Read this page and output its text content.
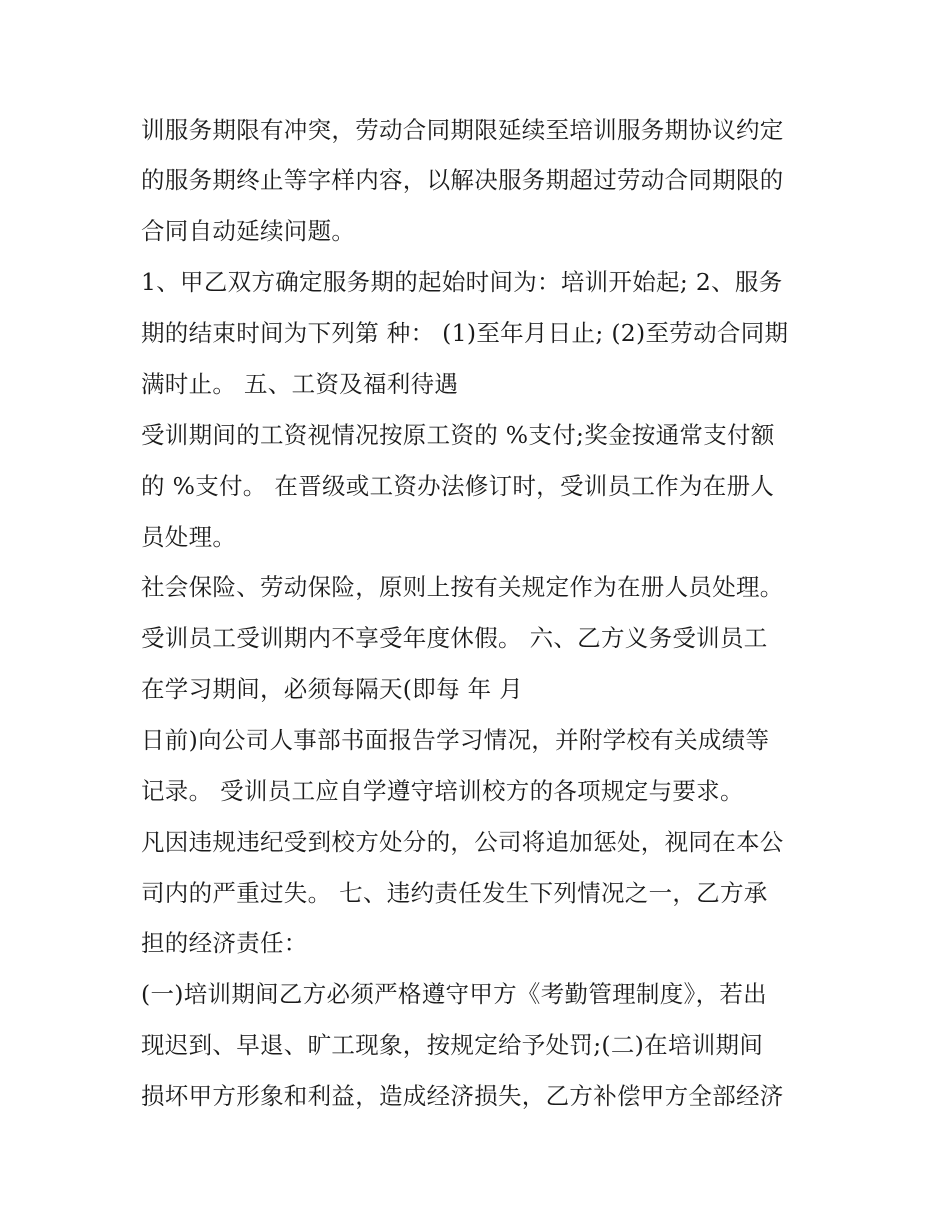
训服务期限有冲突，劳动合同期限延续至培训服务期协议约定
的服务期终止等字样内容，以解决服务期超过劳动合同期限的
合同自动延续问题。
1、甲乙双方确定服务期的起始时间为：培训开始起; 2、服务
期的结束时间为下列第 种： (1)至年月日止; (2)至劳动合同期
满时止。 五、工资及福利待遇
受训期间的工资视情况按原工资的 %支付;奖金按通常支付额
的 %支付。 在晋级或工资办法修订时，受训员工作为在册人
员处理。
社会保险、劳动保险，原则上按有关规定作为在册人员处理。
受训员工受训期内不享受年度休假。 六、乙方义务受训员工
在学习期间，必须每隔天(即每 年 月
日前)向公司人事部书面报告学习情况，并附学校有关成绩等
记录。 受训员工应自学遵守培训校方的各项规定与要求。
凡因违规违纪受到校方处分的，公司将追加惩处，视同在本公
司内的严重过失。 七、违约责任发生下列情况之一，乙方承
担的经济责任：
(一)培训期间乙方必须严格遵守甲方《考勤管理制度》，若出
现迟到、早退、旷工现象，按规定给予处罚;(二)在培训期间
损坏甲方形象和利益，造成经济损失，乙方补偿甲方全部经济
